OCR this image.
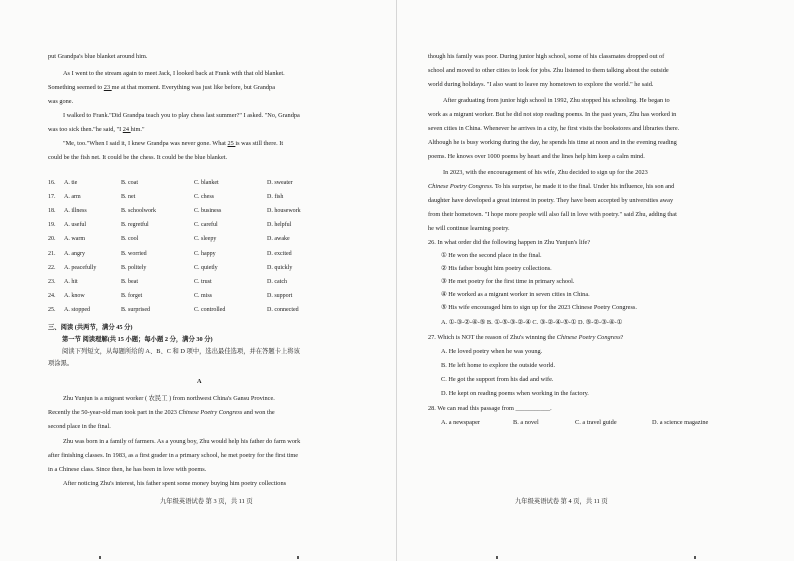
put Grandpa's blue blanket around him.
As I went to the stream again to meet Jack, I looked back at Frank with that old blanket.
Something seemed to 23 me at that moment. Everything was just like before, but Grandpa
was gone.
I walked to Frank."Did Grandpa teach you to play chess last summer?" I asked. "No, Grandpa
was too sick then."he said, "I 24 him."
"Me, too."When I said it, I knew Grandpa was never gone. What 25 is was still there. It
could be the fish net. It could be the chess. It could be the blue blanket.
16. A. tie	B. coat	C. blanket	D. sweater
17. A. arm	B. net	C. chess	D. fish
18. A. illness	B. schoolwork	C. business	D. housework
19. A. useful	B. regretful	C. careful	D. helpful
20. A. warm	B. cool	C. sleepy	D. awake
21. A. angry	B. worried	C. happy	D. excited
22. A. peacefully	B. politely	C. quietly	D. quickly
23. A. hit	B. beat	C. trust	D. catch
24. A. know	B. forget	C. miss	D. support
25. A. stopped	B. surprised	C. controlled	D. connected
三、阅读 (共两节，满分 45 分)
第一节 阅读理解(共 15 小题；每小题 2 分，满分 30 分)
阅读下列短文，从每题所给的 A、B、C 和 D 项中，选出最佳选项，并在答题卡上将该
项涂黑。
A
Zhu Yunjun is a migrant worker ( 农民工 ) from northwest China's Gansu Province.
Recently the 50-year-old man took part in the 2023 Chinese Poetry Congress and won the
second place in the final.
Zhu was born in a family of farmers. As a young boy, Zhu would help his father do farm work
after finishing classes. In 1983, as a first grader in a primary school, he met poetry for the first time
in a Chinese class. Since then, he has been in love with poems.
After noticing Zhu's interest, his father spent some money buying him poetry collections
九年级英语试卷 第 3 页，共 11 页
though his family was poor. During junior high school, some of his classmates dropped out of
school and moved to other cities to look for jobs. Zhu listened to them talking about the outside
world during holidays. "I also want to leave my hometown to explore the world." he said.
After graduating from junior high school in 1992, Zhu stopped his schooling. He began to
work as a migrant worker. But he did not stop reading poems. In the past years, Zhu has worked in
seven cities in China. Whenever he arrives in a city, he first visits the bookstores and libraries there.
Although he is busy working during the day, he spends his time at noon and in the evening reading
poems. He knows over 1000 poems by heart and the lines help him keep a calm mind.
In 2023, with the encouragement of his wife, Zhu decided to sign up for the 2023
Chinese Poetry Congress. To his surprise, he made it to the final. Under his influence, his son and
daughter have developed a great interest in poetry. They have been accepted by universities away
from their hometown. "I hope more people will also fall in love with poetry." said Zhu, adding that
he will continue learning poetry.
26. In what order did the following happen in Zhu Yunjun's life?
① He won the second place in the final.
② His father bought him poetry collections.
③ He met poetry for the first time in primary school.
④ He worked as a migrant worker in seven cities in China.
⑤ His wife encouraged him to sign up for the 2023 Chinese Poetry Congress.
A. ①-③-②-④-⑤ B. ①-⑤-③-②-④ C. ③-②-④-⑤-① D. ⑤-②-③-④-①
27. Which is NOT the reason of Zhu's winning the Chinese Poetry Congress?
A. He loved poetry when he was young.
B. He left home to explore the outside world.
C. He got the support from his dad and wife.
D. He kept on reading poems when working in the factory.
28. We can read this passage from ___________.
A. a newspaper	B. a novel	C. a travel guide	D. a science magazine
九年级英语试卷 第 4 页，共 11 页
